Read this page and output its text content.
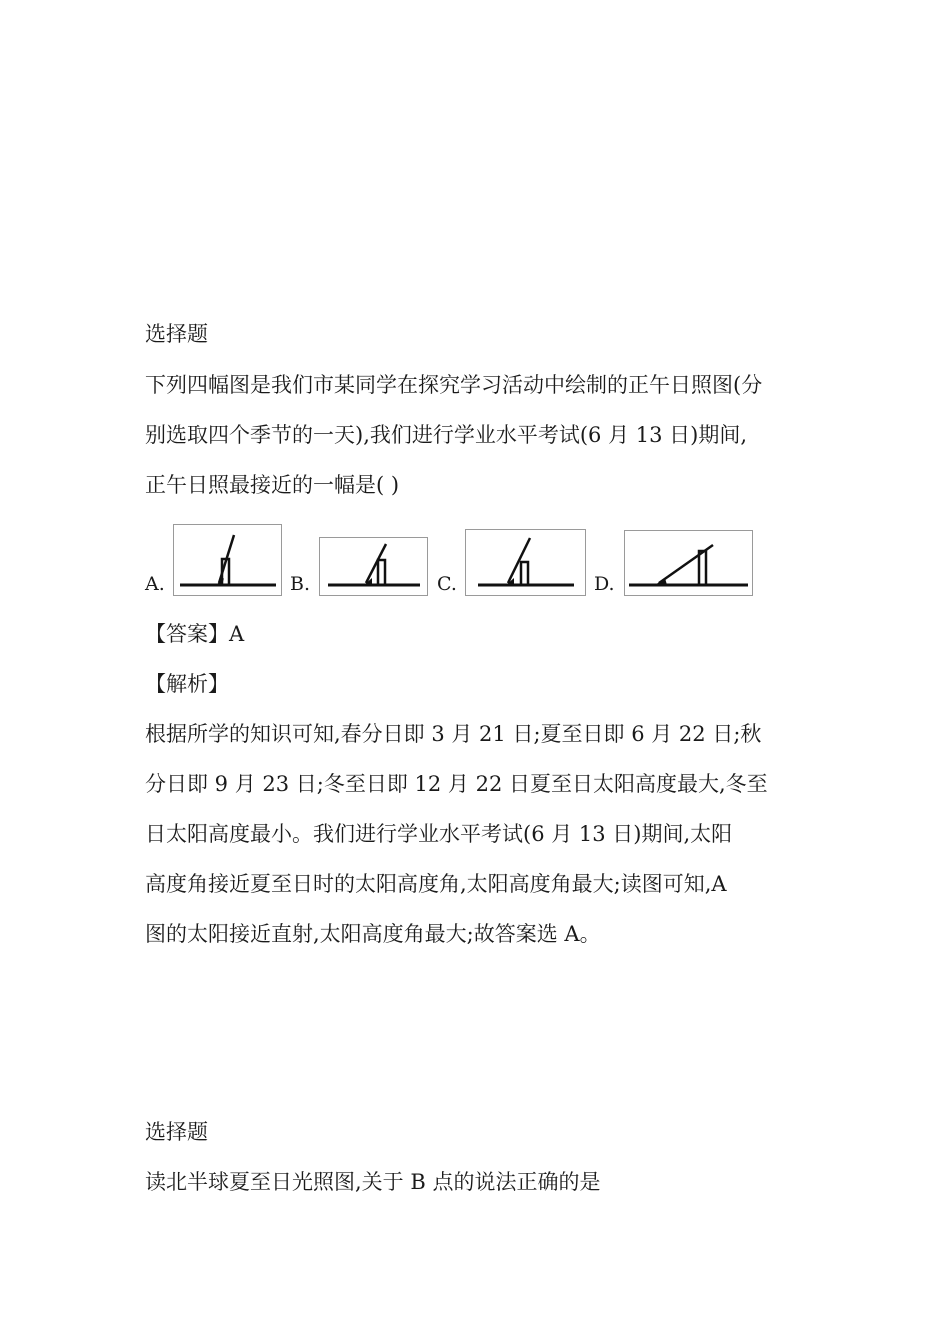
选择题
下列四幅图是我们市某同学在探究学习活动中绘制的正午日照图(分
别选取四个季节的一天),我们进行学业水平考试(6 月 13 日)期间,
正午日照最接近的一幅是( )
A.	B.	C.	D.
【答案】A
【解析】
根据所学的知识可知,春分日即 3 月 21 日;夏至日即 6 月 22 日;秋
分日即 9 月 23 日;冬至日即 12 月 22 日夏至日太阳高度最大,冬至
日太阳高度最小。我们进行学业水平考试(6 月 13 日)期间,太阳
高度角接近夏至日时的太阳高度角,太阳高度角最大;读图可知,A
图的太阳接近直射,太阳高度角最大;故答案选 A。
选择题
读北半球夏至日光照图,关于 B 点的说法正确的是
